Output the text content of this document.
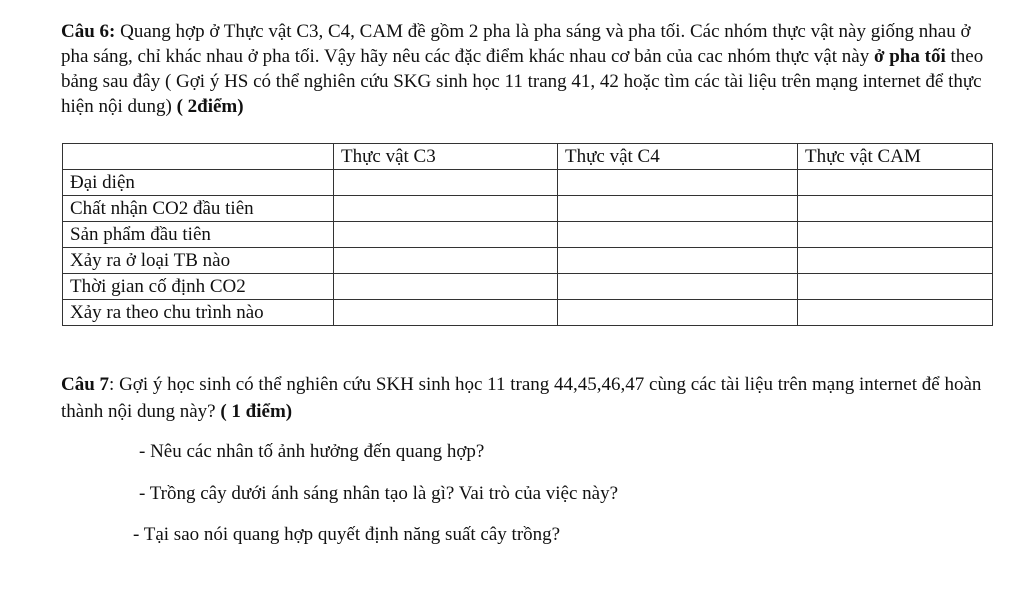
Câu 6: Quang hợp ở Thực vật C3, C4, CAM đề gồm 2 pha là pha sáng và pha tối. Các nhóm thực vật này giống nhau ở pha sáng, chỉ khác nhau ở pha tối. Vậy hãy nêu các đặc điểm khác nhau cơ bản của cac nhóm thực vật này ở pha tối theo bảng sau đây ( Gợi ý HS có thể nghiên cứu SKG sinh học 11 trang 41, 42 hoặc tìm các tài liệu trên mạng internet để thực hiện nội dung) ( 2điểm)

	Thực vật C3	Thực vật C4	Thực vật CAM
Đại diện			
Chất nhận CO2 đầu tiên			
Sản phẩm đầu tiên			
Xảy ra ở loại TB nào			
Thời gian cố định CO2			
Xảy ra theo chu trình nào			

Câu 7: Gợi ý học sinh có thể nghiên cứu SKH sinh học 11 trang 44,45,46,47 cùng các tài liệu trên mạng internet để hoàn thành nội dung này? ( 1 điểm)

- Nêu các nhân tố ảnh hưởng đến quang hợp?
- Trồng cây dưới ánh sáng nhân tạo là gì? Vai trò của việc này?
- Tại sao nói quang hợp quyết định năng suất cây trồng?
